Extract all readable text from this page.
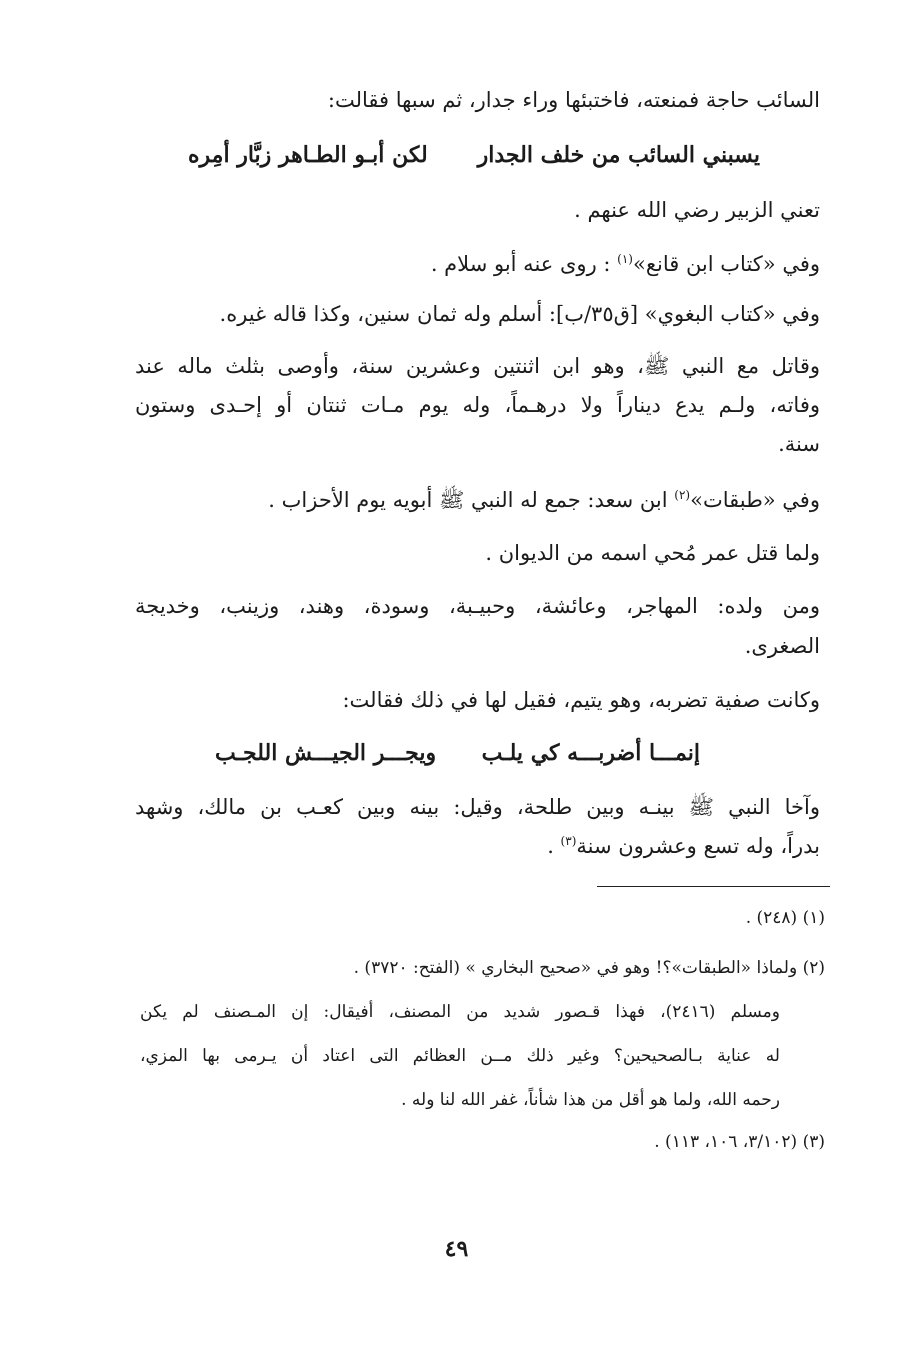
السائب حاجة فمنعته، فاختبئها وراء جدار، ثم سبها فقالت:
يسبني السائب من خلف الجدار
لكن أبـو الطـاهر زبَّار أمِره
تعني الزبير رضي الله عنهم .
وفي «كتاب ابن قانع»$^{(١)}$ : روى عنه أبو سلام .
وفي «كتاب البغوي» [ق٣٥/ب]: أسلم وله ثمان سنين، وكذا قاله غيره.
وقاتل مع النبي ﷺ، وهو ابن اثنتين وعشرين سنة، وأوصى بثلث ماله عند
وفاته، ولـم يدع ديناراً ولا درهـماً، وله يوم مـات ثنتان أو إحـدى وستون
سنة.
وفي «طبقات»$^{(٢)}$ ابن سعد: جمع له النبي ﷺ أبويه يوم الأحزاب .
ولما قتل عمر مُحي اسمه من الديوان .
ومن ولده: المهاجر، وعائشة، وحبيـبة، وسودة، وهند، وزينب، وخديجة
الصغرى.
وكانت صفية تضربه، وهو يتيم، فقيل لها في ذلك فقالت:
إنمـــا أضربـــه كي يلـب
ويجـــر الجيـــش اللجـب
وآخا النبي ﷺ بينـه وبين طلحة، وقيل: بينه وبين كعـب بن مالك، وشهد
بدراً، وله تسع وعشرون سنة$^{(٣)}$ .
(١) (٢٤٨) .
(٢) ولماذا «الطبقات»؟! وهو في «صحيح البخاري » (الفتح: ٣٧٢٠) .
ومسلم (٢٤١٦)، فهذا قـصور شديد من المصنف، أفيقال: إن المـصنف لم يكن
له عناية بـالصحيحين؟ وغير ذلك مــن العظائم التى اعتاد أن يـرمى بها المزي،
رحمه الله، ولما هو أقل من هذا شأناً، غفر الله لنا وله .
(٣) (٣/١٠٢، ١٠٦، ١١٣) .
٤٩
